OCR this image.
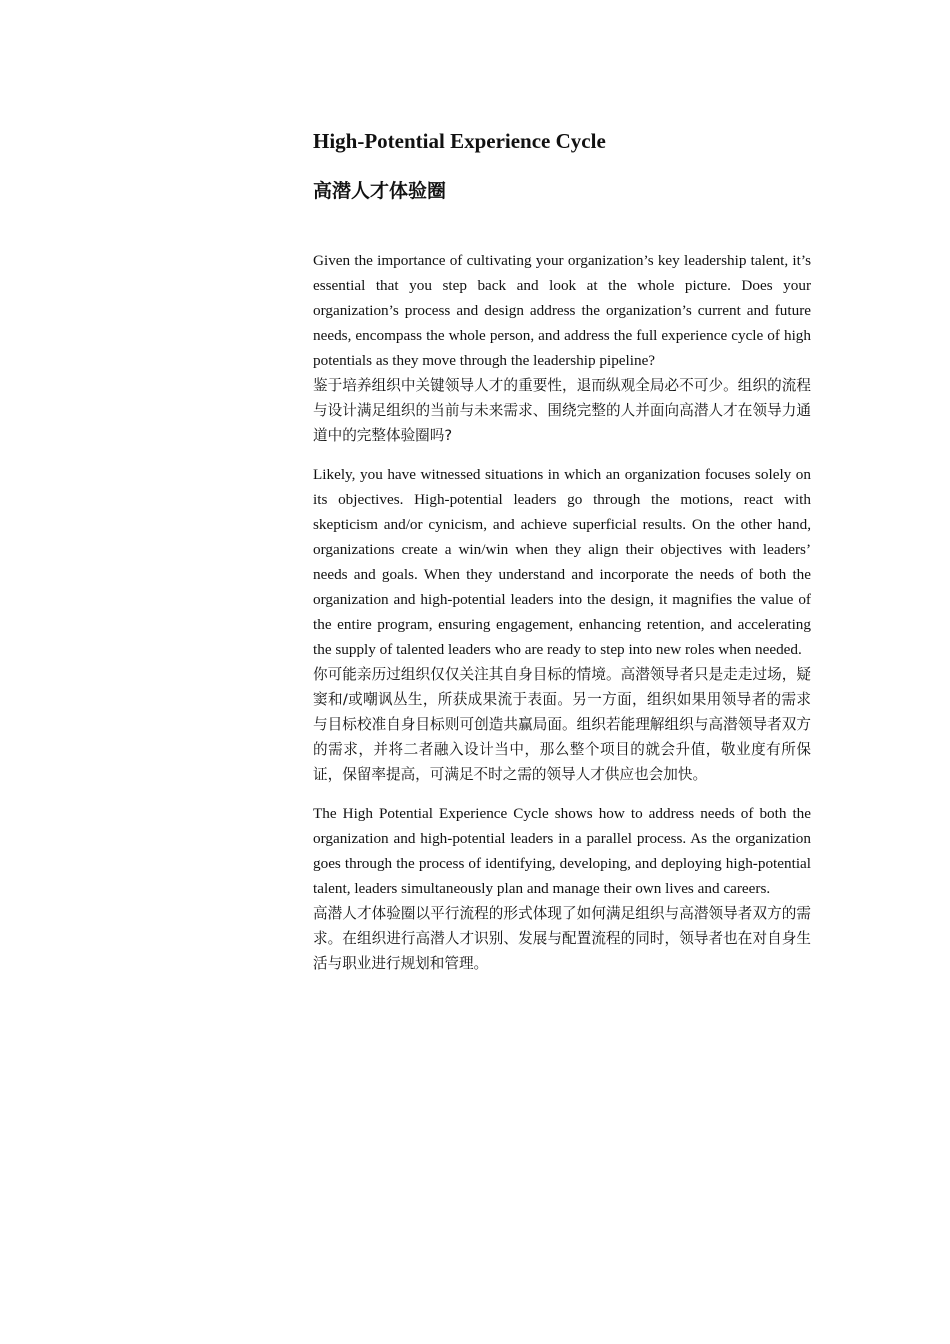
High-Potential Experience Cycle
高潜人才体验圈

Given the importance of cultivating your organization’s key leadership talent, it’s essential that you step back and look at the whole picture. Does your organization’s process and design address the organization’s current and future needs, encompass the whole person, and address the full experience cycle of high potentials as they move through the leadership pipeline?

鉴于培养组织中关键领导人才的重要性，退而纵观全局必不可少。组织的流程与设计满足组织的当前与未来需求、围绕完整的人并面向高潜人才在领导力通道中的完整体验圈吗?

Likely, you have witnessed situations in which an organization focuses solely on its objectives. High-potential leaders go through the motions, react with skepticism and/or cynicism, and achieve superficial results. On the other hand, organizations create a win/win when they align their objectives with leaders’ needs and goals. When they understand and incorporate the needs of both the organization and high-potential leaders into the design, it magnifies the value of the entire program, ensuring engagement, enhancing retention, and accelerating the supply of talented leaders who are ready to step into new roles when needed.

你可能亲历过组织仅仅关注其自身目标的情境。高潜领导者只是走走过场，疑窦和/或嘲讽丛生，所获成果流于表面。另一方面，组织如果用领导者的需求与目标校准自身目标则可创造共赢局面。组织若能理解组织与高潜领导者双方的需求，并将二者融入设计当中，那么整个项目的就会升值，敬业度有所保证，保留率提高，可满足不时之需的领导人才供应也会加快。

The High Potential Experience Cycle shows how to address needs of both the organization and high-potential leaders in a parallel process. As the organization goes through the process of identifying, developing, and deploying high-potential talent, leaders simultaneously plan and manage their own lives and careers.

高潜人才体验圈以平行流程的形式体现了如何满足组织与高潜领导者双方的需求。在组织进行高潜人才识别、发展与配置流程的同时，领导者也在对自身生活与职业进行规划和管理。
